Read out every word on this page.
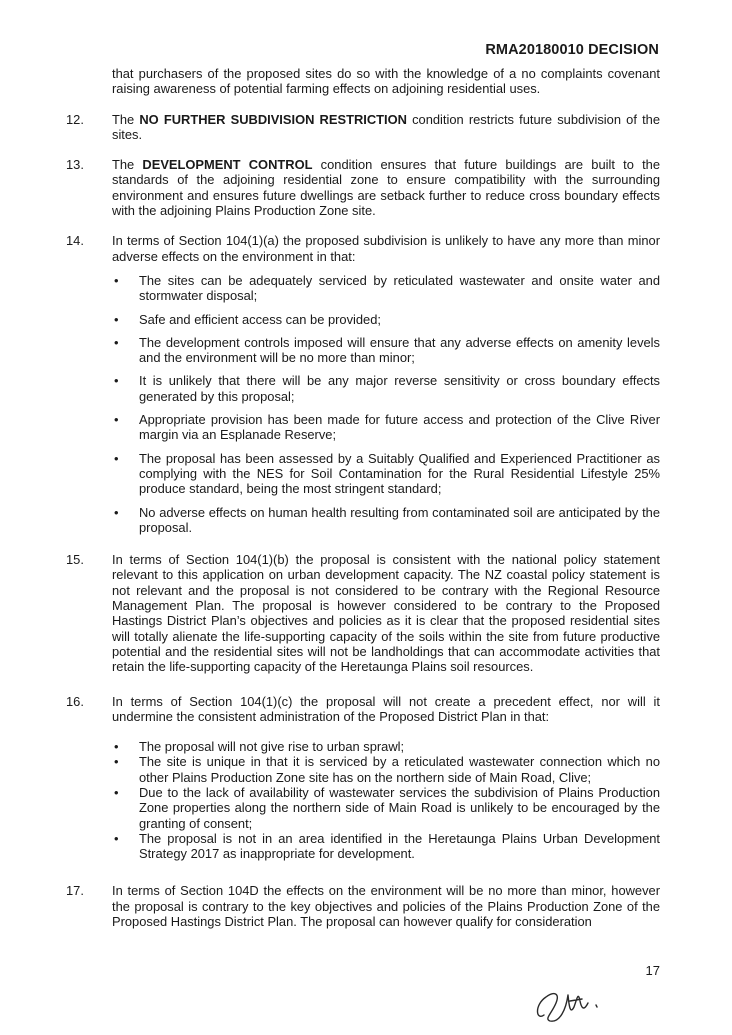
RMA20180010 DECISION
that purchasers of the proposed sites do so with the knowledge of a no complaints covenant raising awareness of potential farming effects on adjoining residential uses.
12.	The NO FURTHER SUBDIVISION RESTRICTION condition restricts future subdivision of the sites.
13.	The DEVELOPMENT CONTROL condition ensures that future buildings are built to the standards of the adjoining residential zone to ensure compatibility with the surrounding environment and ensures future dwellings are setback further to reduce cross boundary effects with the adjoining Plains Production Zone site.
14.	In terms of Section 104(1)(a) the proposed subdivision is unlikely to have any more than minor adverse effects on the environment in that:
•	The sites can be adequately serviced by reticulated wastewater and onsite water and stormwater disposal;
•	Safe and efficient access can be provided;
•	The development controls imposed will ensure that any adverse effects on amenity levels and the environment will be no more than minor;
•	It is unlikely that there will be any major reverse sensitivity or cross boundary effects generated by this proposal;
•	Appropriate provision has been made for future access and protection of the Clive River margin via an Esplanade Reserve;
•	The proposal has been assessed by a Suitably Qualified and Experienced Practitioner as complying with the NES for Soil Contamination for the Rural Residential Lifestyle 25% produce standard, being the most stringent standard;
•	No adverse effects on human health resulting from contaminated soil are anticipated by the proposal.
15.	In terms of Section 104(1)(b) the proposal is consistent with the national policy statement relevant to this application on urban development capacity. The NZ coastal policy statement is not relevant and the proposal is not considered to be contrary with the Regional Resource Management Plan. The proposal is however considered to be contrary to the Proposed Hastings District Plan’s objectives and policies as it is clear that the proposed residential sites will totally alienate the life-supporting capacity of the soils within the site from future productive potential and the residential sites will not be landholdings that can accommodate activities that retain the life-supporting capacity of the Heretaunga Plains soil resources.
16.	In terms of Section 104(1)(c) the proposal will not create a precedent effect, nor will it undermine the consistent administration of the Proposed District Plan in that:
•	The proposal will not give rise to urban sprawl;
•	The site is unique in that it is serviced by a reticulated wastewater connection which no other Plains Production Zone site has on the northern side of Main Road, Clive;
•	Due to the lack of availability of wastewater services the subdivision of Plains Production Zone properties along the northern side of Main Road is unlikely to be encouraged by the granting of consent;
•	The proposal is not in an area identified in the Heretaunga Plains Urban Development Strategy 2017 as inappropriate for development.
17.	In terms of Section 104D the effects on the environment will be no more than minor, however the proposal is contrary to the key objectives and policies of the Plains Production Zone of the Proposed Hastings District Plan. The proposal can however qualify for consideration
17
